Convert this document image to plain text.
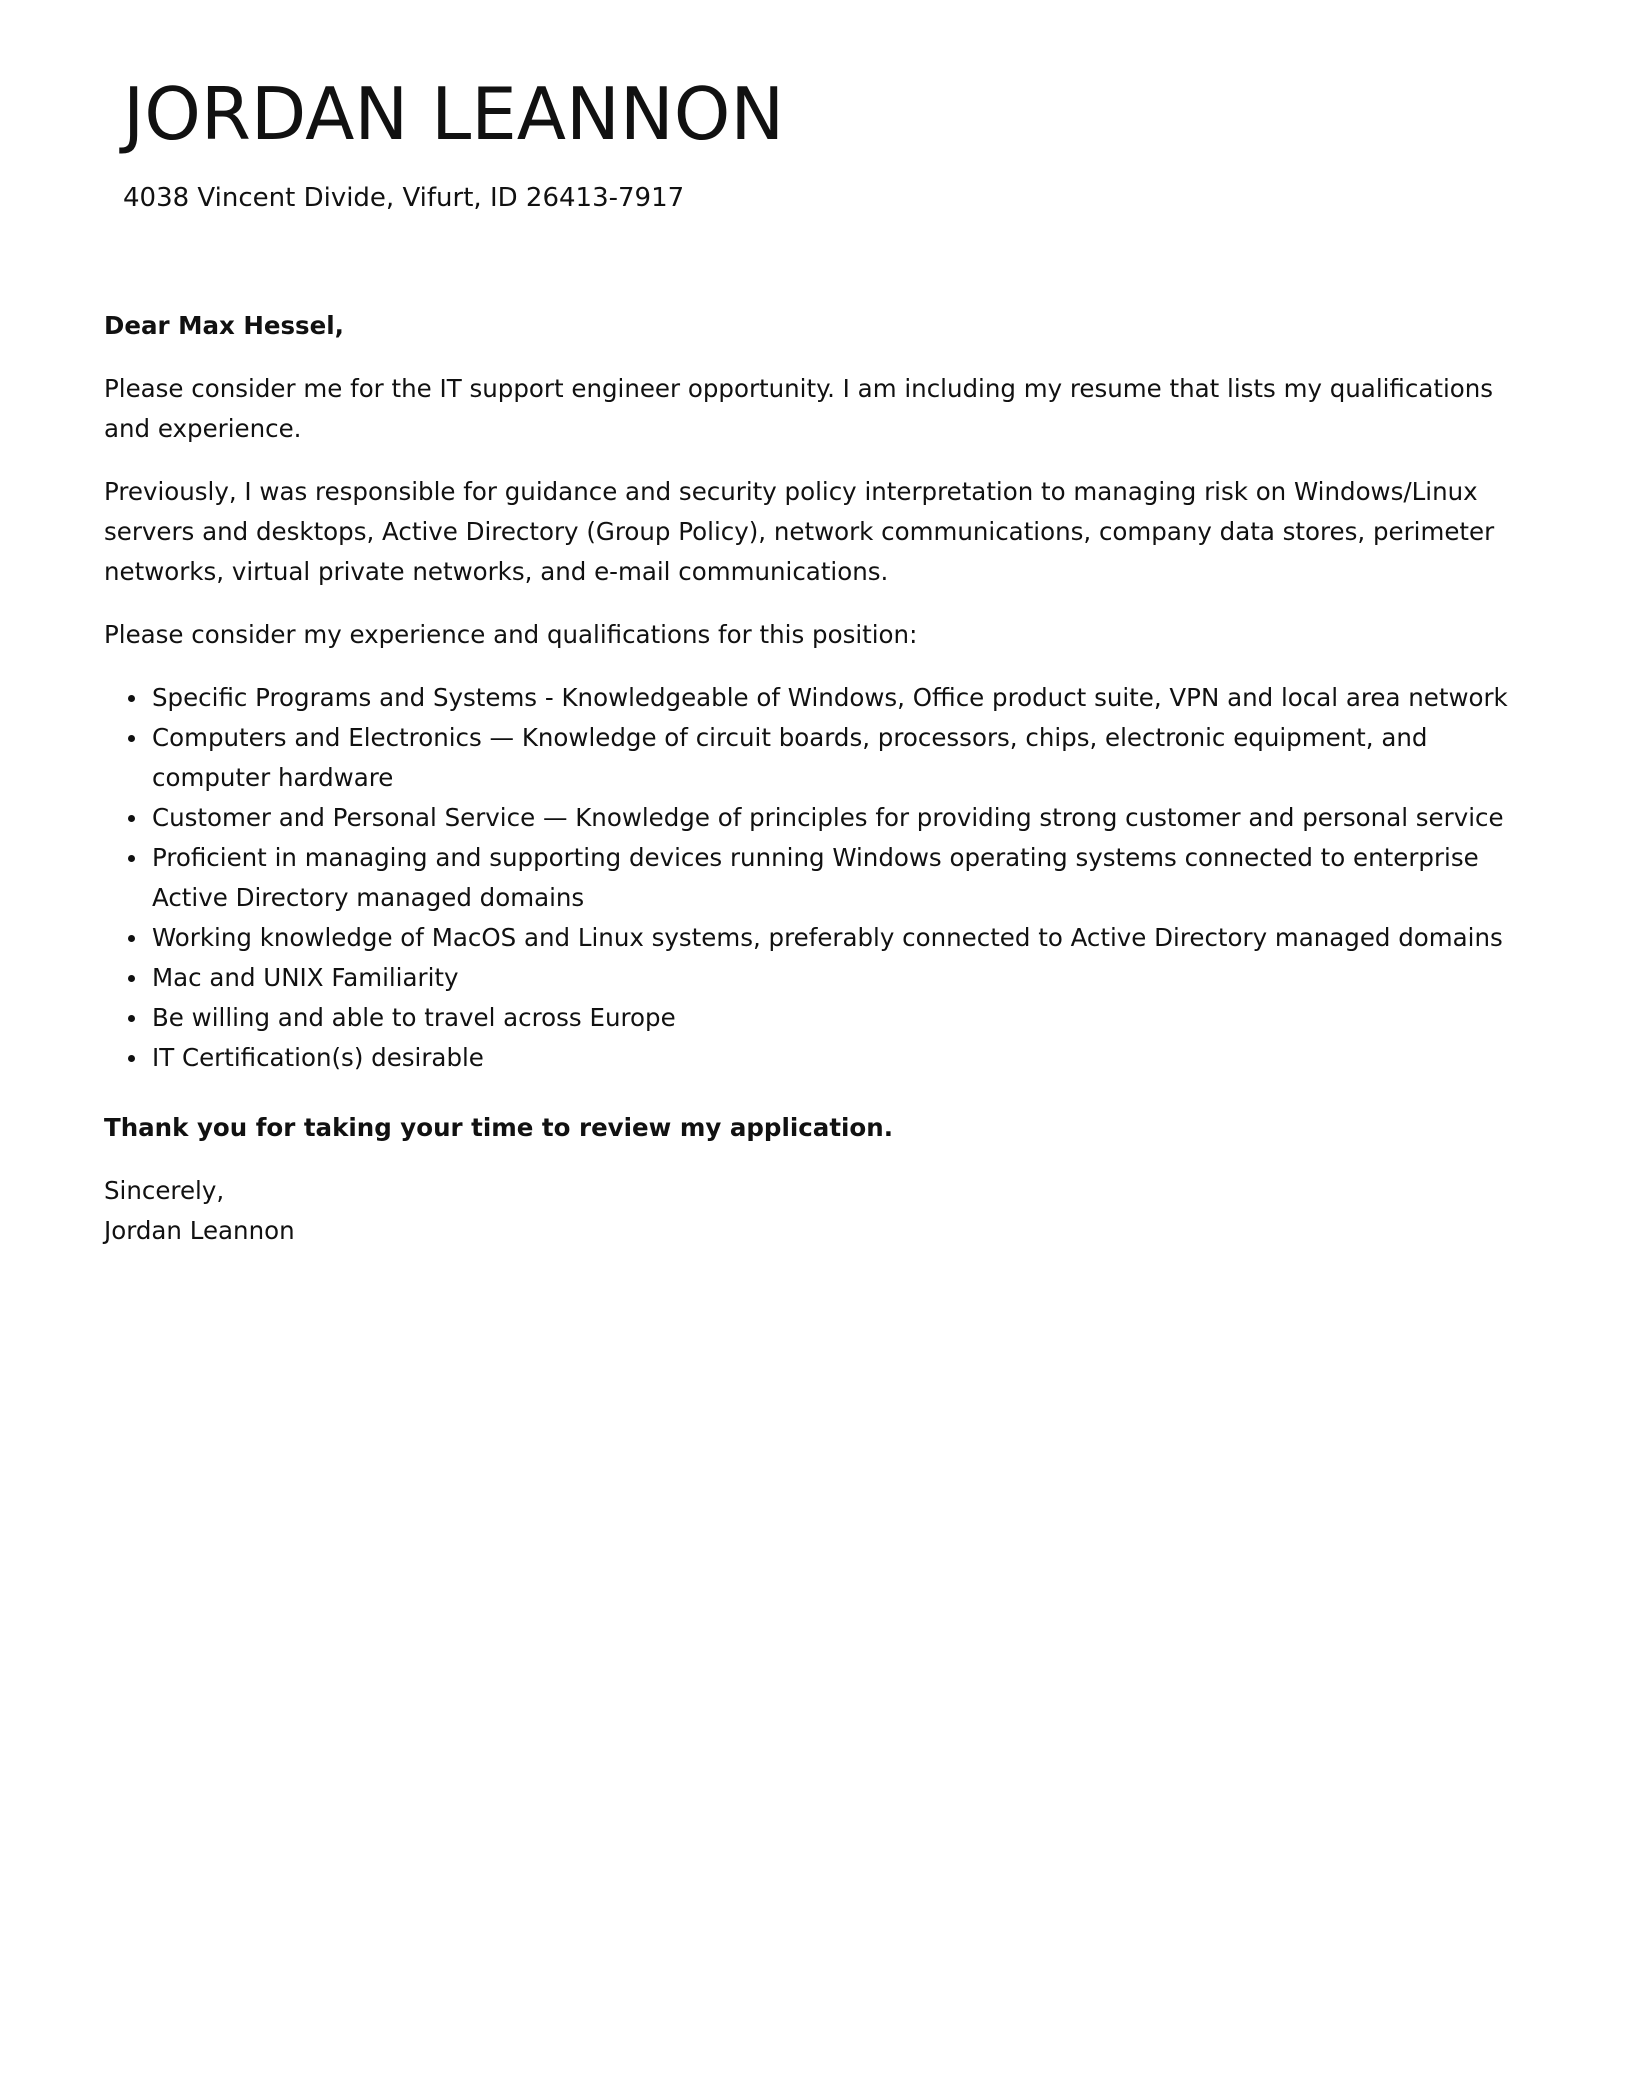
JORDAN LEANNON

4038 Vincent Divide, Vifurt, ID 26413-7917

Dear Max Hessel,

Please consider me for the IT support engineer opportunity. I am including my resume that lists my qualifications and experience.

Previously, I was responsible for guidance and security policy interpretation to managing risk on Windows/Linux servers and desktops, Active Directory (Group Policy), network communications, company data stores, perimeter networks, virtual private networks, and e-mail communications.

Please consider my experience and qualifications for this position:

Specific Programs and Systems - Knowledgeable of Windows, Office product suite, VPN and local area network
Computers and Electronics — Knowledge of circuit boards, processors, chips, electronic equipment, and computer hardware
Customer and Personal Service — Knowledge of principles for providing strong customer and personal service
Proficient in managing and supporting devices running Windows operating systems connected to enterprise Active Directory managed domains
Working knowledge of MacOS and Linux systems, preferably connected to Active Directory managed domains
Mac and UNIX Familiarity
Be willing and able to travel across Europe
IT Certification(s) desirable

Thank you for taking your time to review my application.

Sincerely,
Jordan Leannon
